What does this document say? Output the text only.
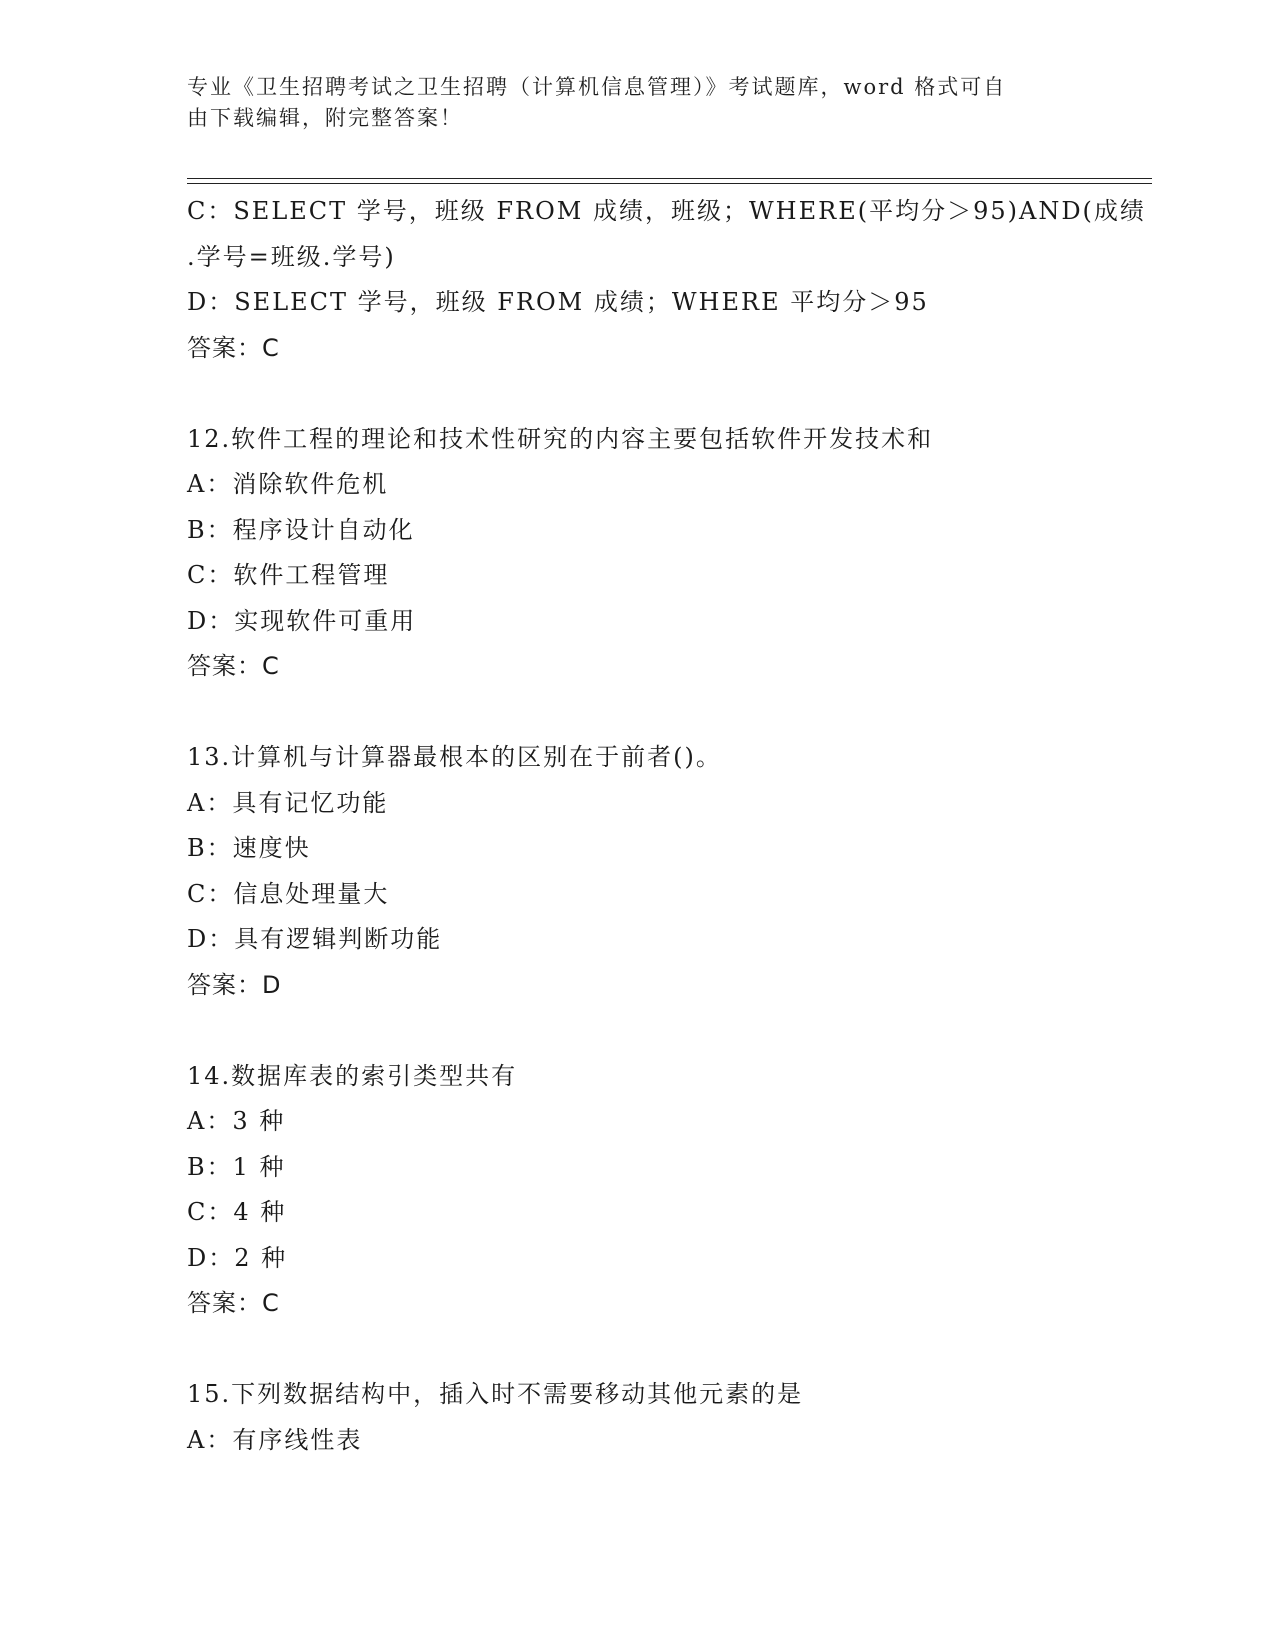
专业《卫生招聘考试之卫生招聘（计算机信息管理）》考试题库，word 格式可自
由下载编辑，附完整答案！
C：SELECT 学号，班级 FROM 成绩，班级；WHERE(平均分＞95)AND(成绩
.学号=班级.学号)
D：SELECT 学号，班级 FROM 成绩；WHERE 平均分＞95
答案：C
12.软件工程的理论和技术性研究的内容主要包括软件开发技术和
A：消除软件危机
B：程序设计自动化
C：软件工程管理
D：实现软件可重用
答案：C
13.计算机与计算器最根本的区别在于前者()。
A：具有记忆功能
B：速度快
C：信息处理量大
D：具有逻辑判断功能
答案：D
14.数据库表的索引类型共有
A：3 种
B：1 种
C：4 种
D：2 种
答案：C
15.下列数据结构中，插入时不需要移动其他元素的是
A：有序线性表
